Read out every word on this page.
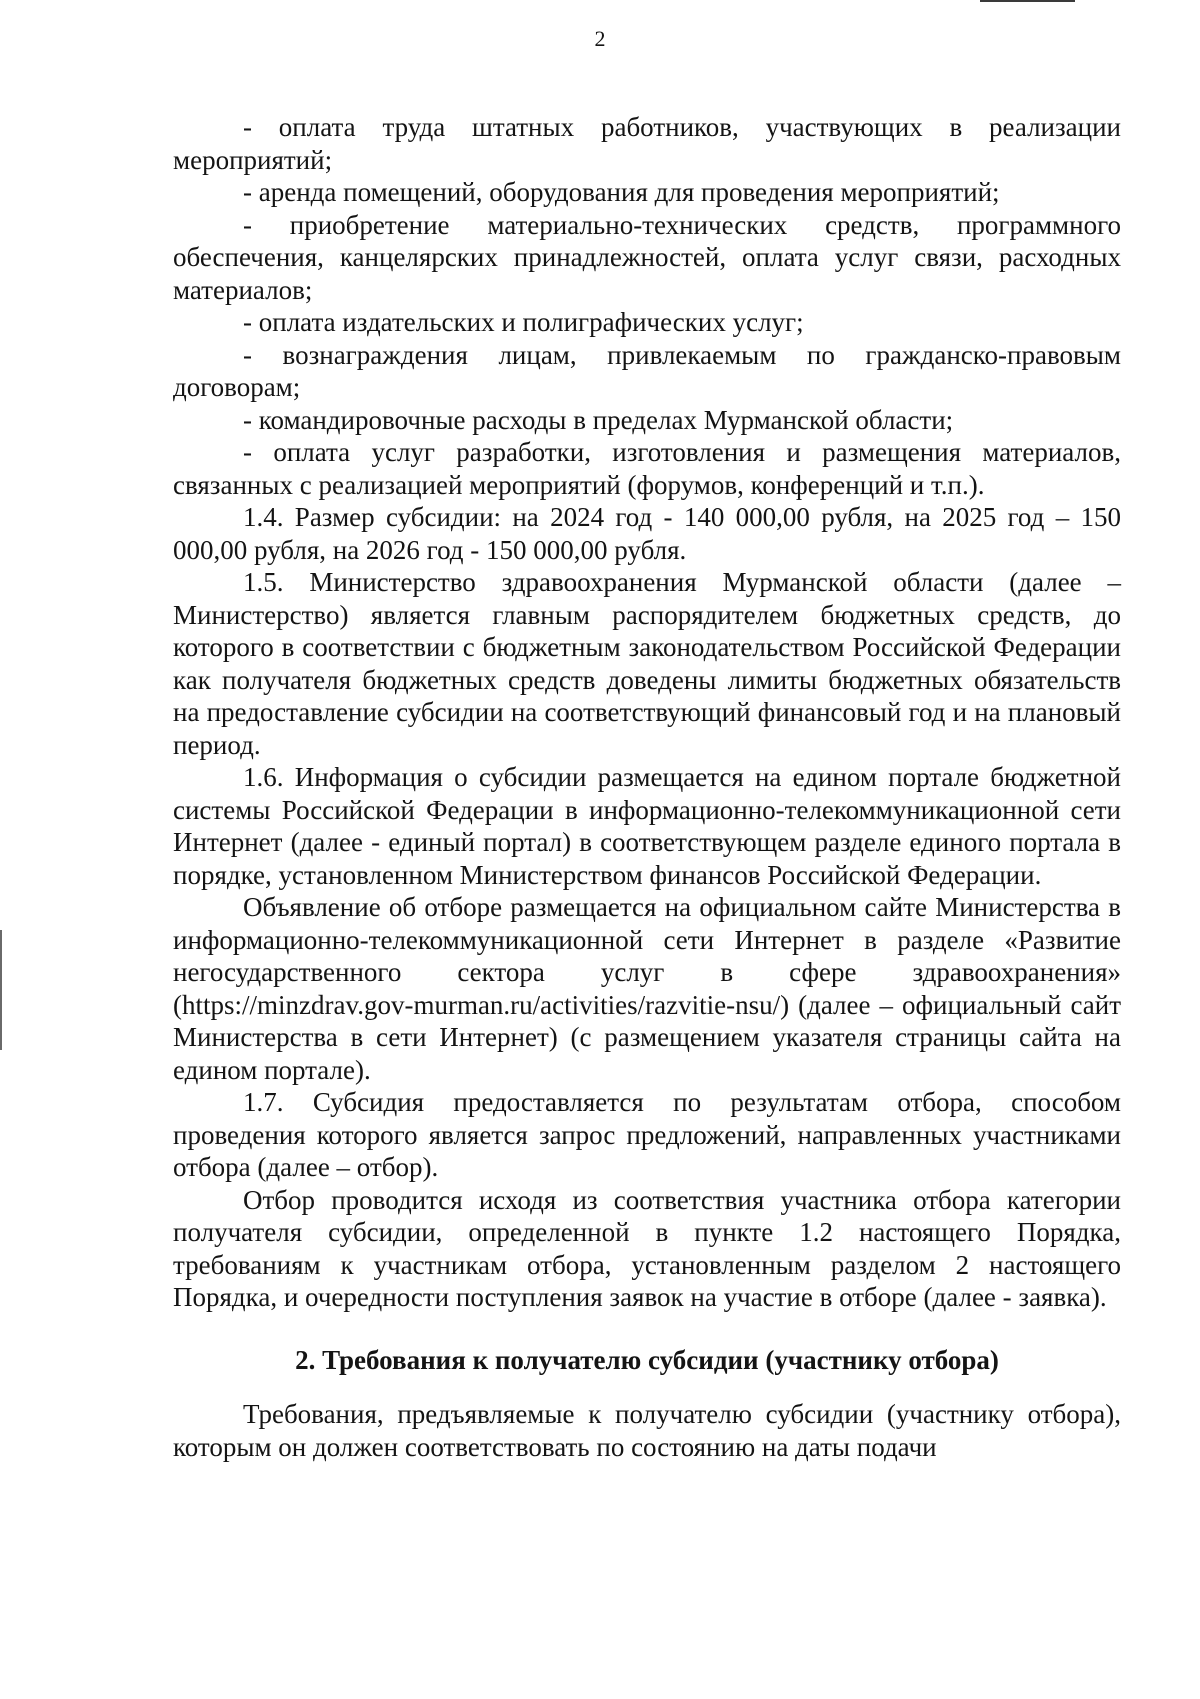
2

- оплата труда штатных работников, участвующих в реализации мероприятий;

- аренда помещений, оборудования для проведения мероприятий;

- приобретение материально-технических средств, программного обеспечения, канцелярских принадлежностей, оплата услуг связи, расходных материалов;

- оплата издательских и полиграфических услуг;

- вознаграждения лицам, привлекаемым по гражданско-правовым договорам;

- командировочные расходы в пределах Мурманской области;

- оплата услуг разработки, изготовления и размещения материалов, связанных с реализацией мероприятий (форумов, конференций и т.п.).

1.4. Размер субсидии: на 2024 год - 140 000,00 рубля, на 2025 год – 150 000,00 рубля, на 2026 год - 150 000,00 рубля.

1.5. Министерство здравоохранения Мурманской области (далее – Министерство) является главным распорядителем бюджетных средств, до которого в соответствии с бюджетным законодательством Российской Федерации как получателя бюджетных средств доведены лимиты бюджетных обязательств на предоставление субсидии на соответствующий финансовый год и на плановый период.

1.6. Информация о субсидии размещается на едином портале бюджетной системы Российской Федерации в информационно-телекоммуникационной сети Интернет (далее - единый портал) в соответствующем разделе единого портала в порядке, установленном Министерством финансов Российской Федерации.

Объявление об отборе размещается на официальном сайте Министерства в информационно-телекоммуникационной сети Интернет в разделе «Развитие негосударственного сектора услуг в сфере здравоохранения» (https://minzdrav.gov-murman.ru/activities/razvitie-nsu/) (далее – официальный сайт Министерства в сети Интернет) (с размещением указателя страницы сайта на едином портале).

1.7. Субсидия предоставляется по результатам отбора, способом проведения которого является запрос предложений, направленных участниками отбора (далее – отбор).

Отбор проводится исходя из соответствия участника отбора категории получателя субсидии, определенной в пункте 1.2 настоящего Порядка, требованиям к участникам отбора, установленным разделом 2 настоящего Порядка, и очередности поступления заявок на участие в отборе (далее - заявка).

2. Требования к получателю субсидии (участнику отбора)

Требования, предъявляемые к получателю субсидии (участнику отбора), которым он должен соответствовать по состоянию на даты подачи
